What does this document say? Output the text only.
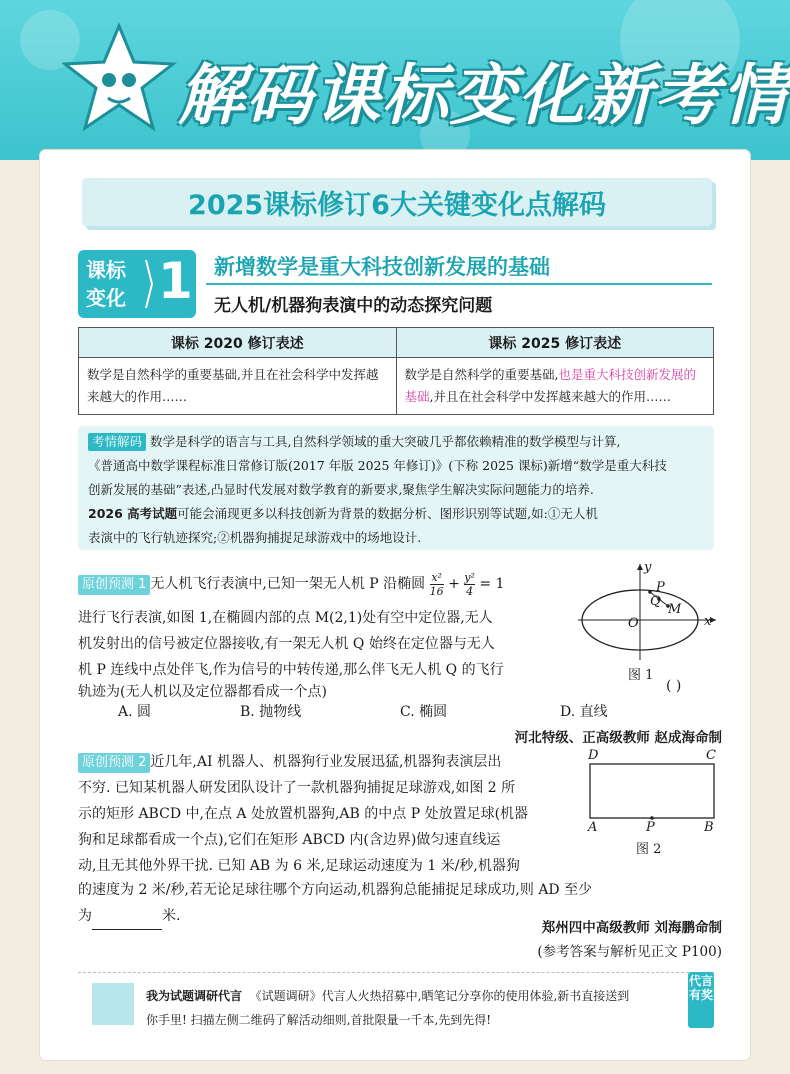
解码课标变化新考情
2025课标修订6大关键变化点解码
课标
变化 1 新增数学是重大科技创新发展的基础
无人机/机器狗表演中的动态探究问题
课标 2020 修订表述	课标 2025 修订表述
数学是自然科学的重要基础,并且在社会科学中发挥越来越大的作用……	数学是自然科学的重要基础,也是重大科技创新发展的基础,并且在社会科学中发挥越来越大的作用……

考情解码 数学是科学的语言与工具,自然科学领域的重大突破几乎都依赖精准的数学模型与计算,

《普通高中数学课程标准日常修订版(2017 年版 2025 年修订)》(下称 2025 课标)新增“数学是重大科技

创新发展的基础”表述,凸显时代发展对数学教育的新要求,聚焦学生解决实际问题能力的培养.

2026 高考试题可能会涌现更多以科技创新为背景的数据分析、图形识别等试题,如:①无人机

表演中的飞行轨迹探究;②机器狗捕捉足球游戏中的场地设计.

原创预测 1 无人机飞行表演中,已知一架无人机 P 沿椭圆 $\frac{\text{x²}}{16} + \frac{\text{y²}}{4} = 1$
进行飞行表演,如图 1,在椭圆内部的点 M(2,1)处有空中定位器,无人
机发射出的信号被定位器接收,有一架无人机 Q 始终在定位器与无人
机 P 连线中点处伴飞,作为信号的中转传递,那么伴飞无人机 Q 的飞行
轨迹为(无人机以及定位器都看成一个点)
y
x
O
P
Q
M
图 1
( )
A. 圆	B. 抛物线	C. 椭圆	D. 直线
河北特级、正高级教师 赵成海命制
原创预测 2 近几年,AI 机器人、机器狗行业发展迅猛,机器狗表演层出
不穷. 已知某机器人研发团队设计了一款机器狗捕捉足球游戏,如图 2 所
示的矩形 ABCD 中,在点 A 处放置机器狗,AB 的中点 P 处放置足球(机器
狗和足球都看成一个点),它们在矩形 ABCD 内(含边界)做匀速直线运
动,且无其他外界干扰. 已知 AB 为 6 米,足球运动速度为 1 米/秒,机器狗
的速度为 2 米/秒,若无论足球往哪个方向运动,机器狗总能捕捉足球成功,则 AD 至少
为	米.
D	C
A	P	B
图 2
郑州四中高级教师 刘海鹏命制
(参考答案与解析见正文 P100)
我为试题调研代言 《试题调研》代言人火热招募中,晒笔记分享你的使用体验,新书直接送到
你手里! 扫描左侧二维码了解活动细则,首批限量一千本,先到先得!
代言有奖
